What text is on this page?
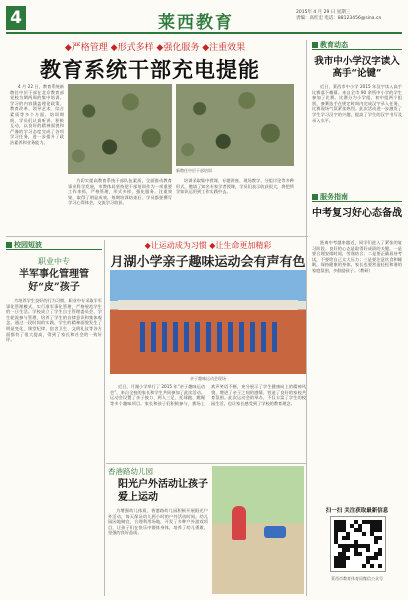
4	莱西教育
2015年 4 月 29 日 星期三
责编：高红宏 电话：88123456@sina.cn
◆严格管理 ◆形式多样 ◆强化服务 ◆注重效果
教育系统干部充电提能

4 月 22 日，教育系统新聘任中层干部在北京教育部党校为期两周的集中培训。学习的内容涵盖理论政策、教育改革、领导艺术、综合素质等多个方面。培训期间，学员们认真听讲、积极互动，以良好的精神面貌和严谨的学习态度完成了各项学习任务，进一步提升了政治素养和业务能力。

为切实提高教育系统干部队伍素质，全面推动教育事业科学发展，市教体局坚持把干部培训作为一项重要工作来抓，严格管理，形式多样，强化服务，注重效果，取得了明显成效。每期培训结束后，学员都要撰写学习心得体会，交流学习收获。

新聘任中层干部培训

培训采取集中授课、专题讲座、现场教学、分组讨论等多种形式，邀请了知名专家学者授课，学员们表示收获很大，将把所学知识运用到工作实践中去。

教育动态
我市中小学汉字读入高手“论键”

近日，莱西市中小学 2015 年汉字读入高手比赛落下帷幕。来自全市 90 余所中小学的学生参加了比赛。比赛分为小学组、初中组两个组别，参赛选手在规定时间内完成汉字录入任务，比赛现场气氛紧张热烈。此次活动进一步激发了学生学习汉字的兴趣，提高了学生的汉字书写及录入水平。

服务指南
中考复习好心态备战

距离中考越来越近，同学们进入了紧张的复习阶段。良好的心态是取得好成绩的关键。一是要合理安排时间，劳逸结合；二是要正确看待考试，不要给自己太大压力；三是要注意饮食和睡眠，保持健康的身体。家长也要营造轻松和谐的家庭氛围，多鼓励孩子。（教研）

扫一扫 关注获取最新信息
莱西市教育体育局微信公众号
校园短波
职业中专
半军事化管理管好“皮”孩子

为培养学生良好的行为习惯，职业中专采取半军事化管理模式，实行准军事化管理，严格规范学生的一日生活。学校成立了学生自主管理委员会，学生轮流参与管理，培养了学生的自律意识和集体观念。通过一段时间的实践，学生的精神面貌发生了明显变化，课堂纪律、宿舍卫生、文明礼仪等各方面都有了很大提高，得到了家长和社会的一致好评。

◆让运动成为习惯 ◆让生命更加精彩
月湖小学亲子趣味运动会有声有色
亲子趣味运动会现场

近日，月湖小学举行了 2015 年“亲子趣味运动会”，来自全校的家长和学生共同参加了此次活动。运动会设置了亲子接力、两人三足、托球跑、跳绳等多个趣味项目。家长和孩子们积极参与，赛场上欢声笑语不断，充分展示了学生健康向上的精神风貌，增进了亲子之间的感情，营造了良好的家校共育氛围。此次运动会的举办，不仅丰富了学生的校园生活，也让家长感受到了学校的教育理念。

香港路幼儿园
阳光户外活动让孩子爱上运动

为增强幼儿体质，香港路幼儿园积极开展阳光户外活动，每天保证幼儿两小时的户外活动时间。幼儿园因地制宜，合理利用场地，开发了多种户外游戏项目，让孩子们在快乐中锻炼身体，培养了幼儿勇敢、坚强的良好品质。
